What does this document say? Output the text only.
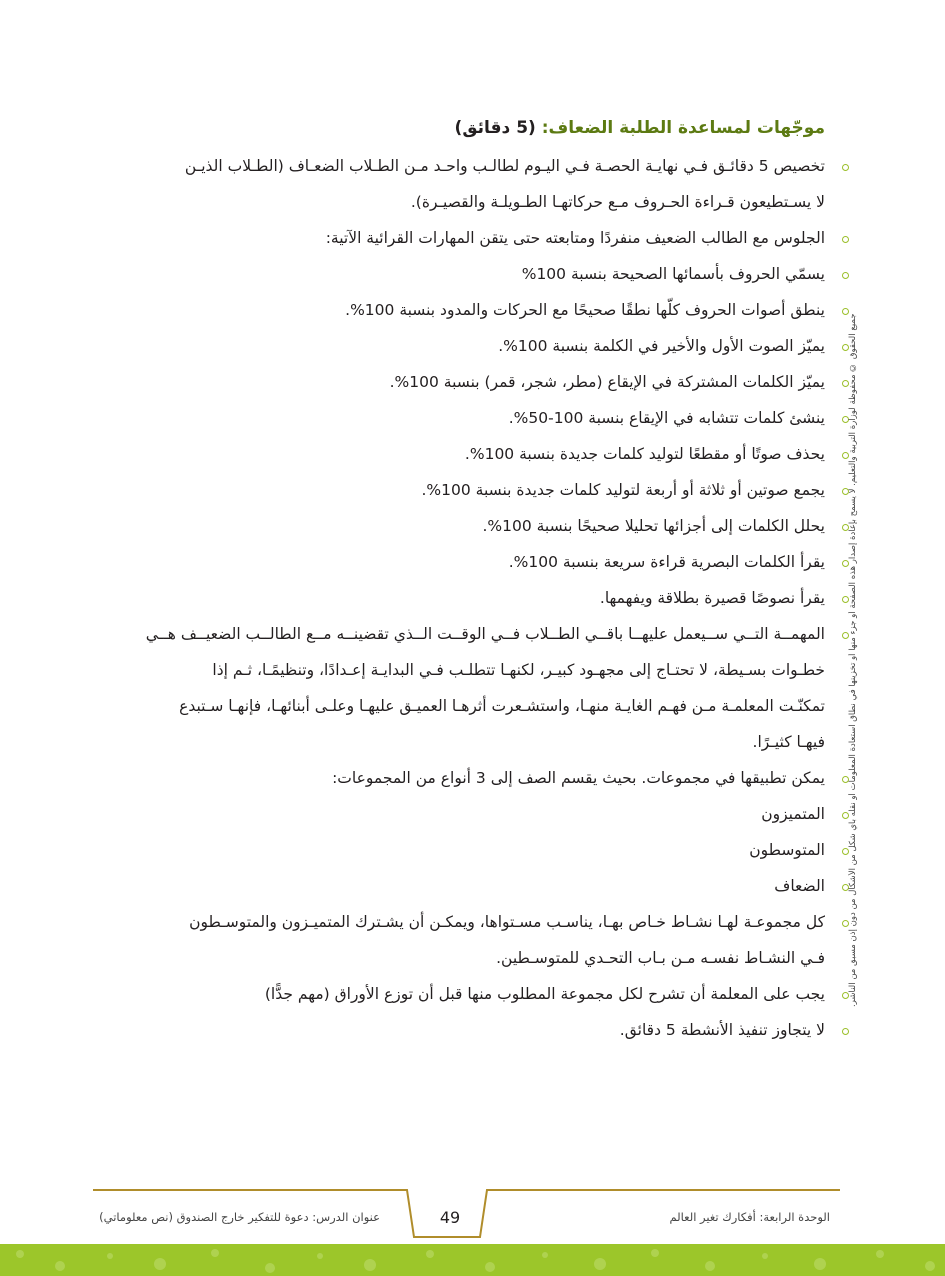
موجّهات لمساعدة الطلبة الضعاف: (5 دقائق)
تخصيص 5 دقائـق فـي نهايـة الحصـة فـي اليـوم لطالـب واحـد مـن الطـلاب الضعـاف (الطـلاب الذيـن
لا يسـتطيعون قـراءة الحـروف مـع حركاتهـا الطـويلـة والقصيـرة).
الجلوس مع الطالب الضعيف منفردًا ومتابعته حتى يتقن المهارات القرائية الآتية:
يسمّي الحروف بأسمائها الصحيحة بنسبة 100%
ينطق أصوات الحروف كلّها نطقًا صحيحًا مع الحركات والمدود بنسبة 100%.
يميّز الصوت الأول والأخير في الكلمة بنسبة 100%.
يميّز الكلمات المشتركة في الإيقاع (مطر، شجر، قمر) بنسبة 100%.
ينشئ كلمات تتشابه في الإيقاع بنسبة 100-50%.
يحذف صوتًا أو مقطعًا لتوليد كلمات جديدة بنسبة 100%.
يجمع صوتين أو ثلاثة أو أربعة لتوليد كلمات جديدة بنسبة 100%.
يحلل الكلمات إلى أجزائها تحليلا صحيحًا بنسبة 100%.
يقرأ الكلمات البصرية قراءة سريعة بنسبة 100%.
يقرأ نصوصًا قصيرة بطلاقة ويفهمها.
المهمــة التــي ســيعمل عليهــا باقــي الطــلاب فــي الوقــت الــذي تقضينــه مــع الطالــب الضعيــف هــي
خطـوات بسـيطة، لا تحتـاج إلى مجهـود كبيـر، لكنهـا تتطلـب فـي البدايـة إعـدادًا، وتنظيمًـا، ثـم إذا
تمكنّـت المعلمـة مـن فهـم الغايـة منهـا، واستشـعرت أثرهـا العميـق عليهـا وعلـى أبنائهـا، فإنهـا سـتبدع
فيهـا كثيـرًا.
يمكن تطبيقها في مجموعات. بحيث يقسم الصف إلى 3 أنواع من المجموعات:
المتميزون
المتوسطون
الضعاف
كل مجموعـة لهـا نشـاط خـاص بهـا، يناسـب مسـتواها، ويمكـن أن يشـترك المتميـزون والمتوسـطون
فـي النشـاط نفسـه مـن بـاب التحـدي للمتوسـطين.
يجب على المعلمة أن تشرح لكل مجموعة المطلوب منها قبل أن توزع الأوراق (مهم جدًّا)
لا يتجاوز تنفيذ الأنشطة 5 دقائق.
جميع الحقوق © محفوظة لوزارة التربية والتعليم. لا يسمح بإعادة إصدار هذه الصفحة أو جزء منها أو تخزينها في نطاق استعادة المعلومات أو نقله بأي شكل من الأشكال من دون إذن مسبق من الناشر.
الوحدة الرابعة: أفكارك تغير العالم
49
عنوان الدرس: دعوة للتفكير خارج الصندوق (نص معلوماتي)
